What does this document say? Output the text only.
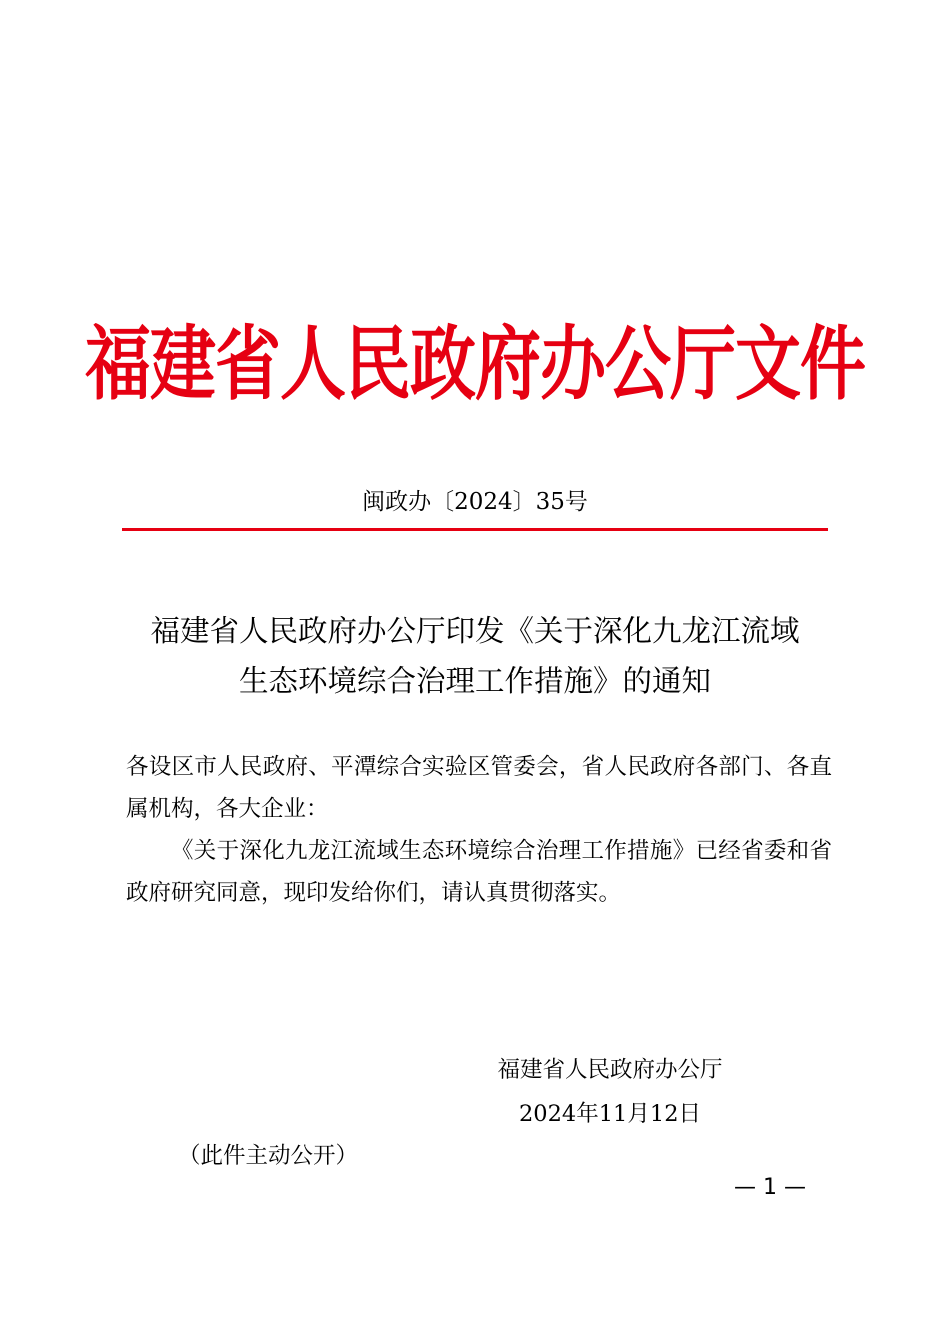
福建省人民政府办公厅文件
闽政办〔2024〕35号
福建省人民政府办公厅印发《关于深化九龙江流域
生态环境综合治理工作措施》的通知

各设区市人民政府、平潭综合实验区管委会，省人民政府各部门、各直属机构，各大企业：

《关于深化九龙江流域生态环境综合治理工作措施》已经省委和省政府研究同意，现印发给你们，请认真贯彻落实。

福建省人民政府办公厅
2024年11月12日
（此件主动公开）
— 1 —
